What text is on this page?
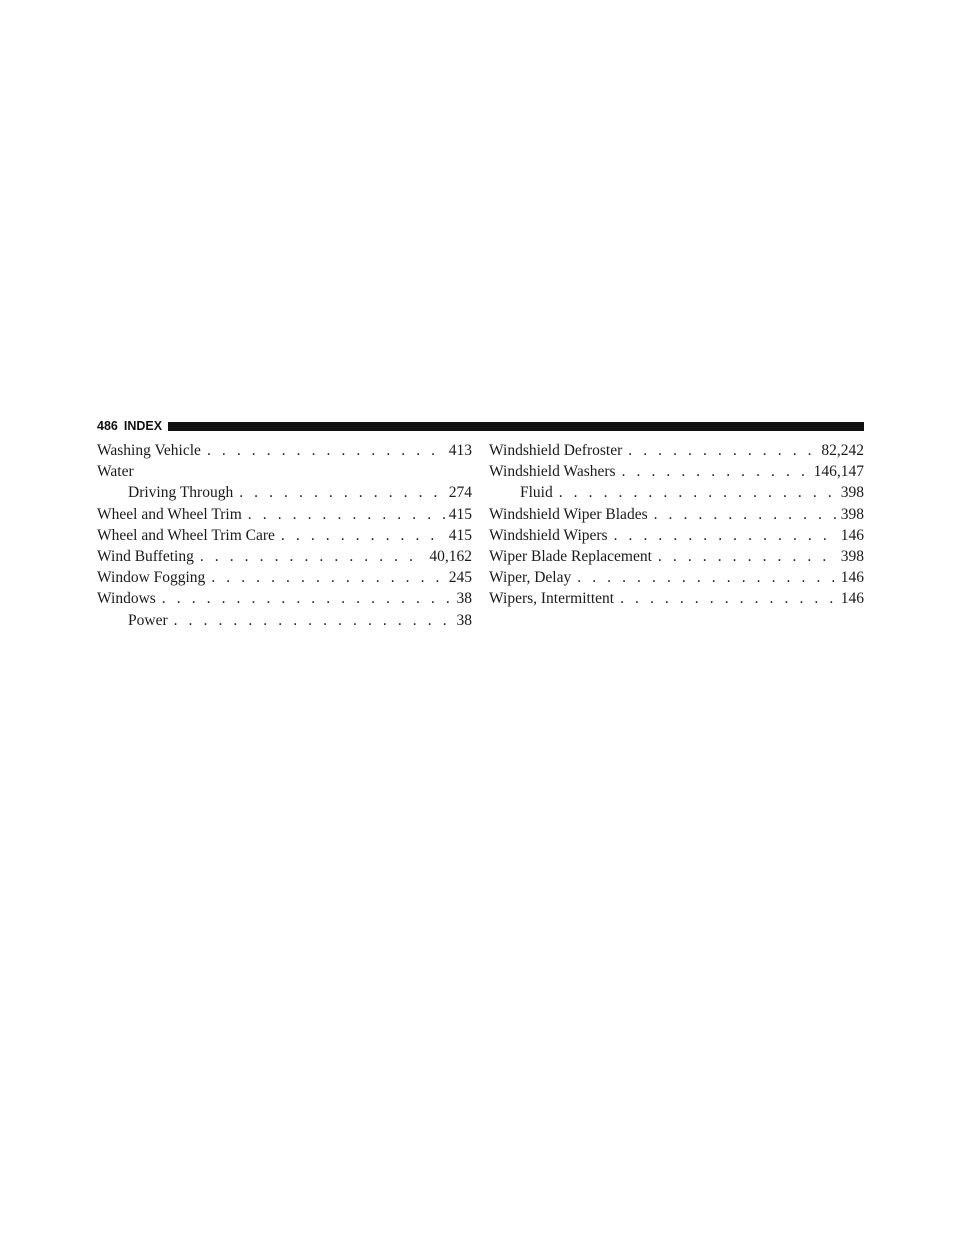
486 INDEX
Washing Vehicle . . .	413
Water
Driving Through . . .	274
Wheel and Wheel Trim . . .	415
Wheel and Wheel Trim Care . . .	415
Wind Buffeting . . .	40,162
Window Fogging . . .	245
Windows . . .	38
Power . . .	38
Windshield Defroster . . .	82,242
Windshield Washers . . .	146,147
Fluid . . .	398
Windshield Wiper Blades . . .	398
Windshield Wipers . . .	146
Wiper Blade Replacement . . .	398
Wiper, Delay . . .	146
Wipers, Intermittent . . .	146
